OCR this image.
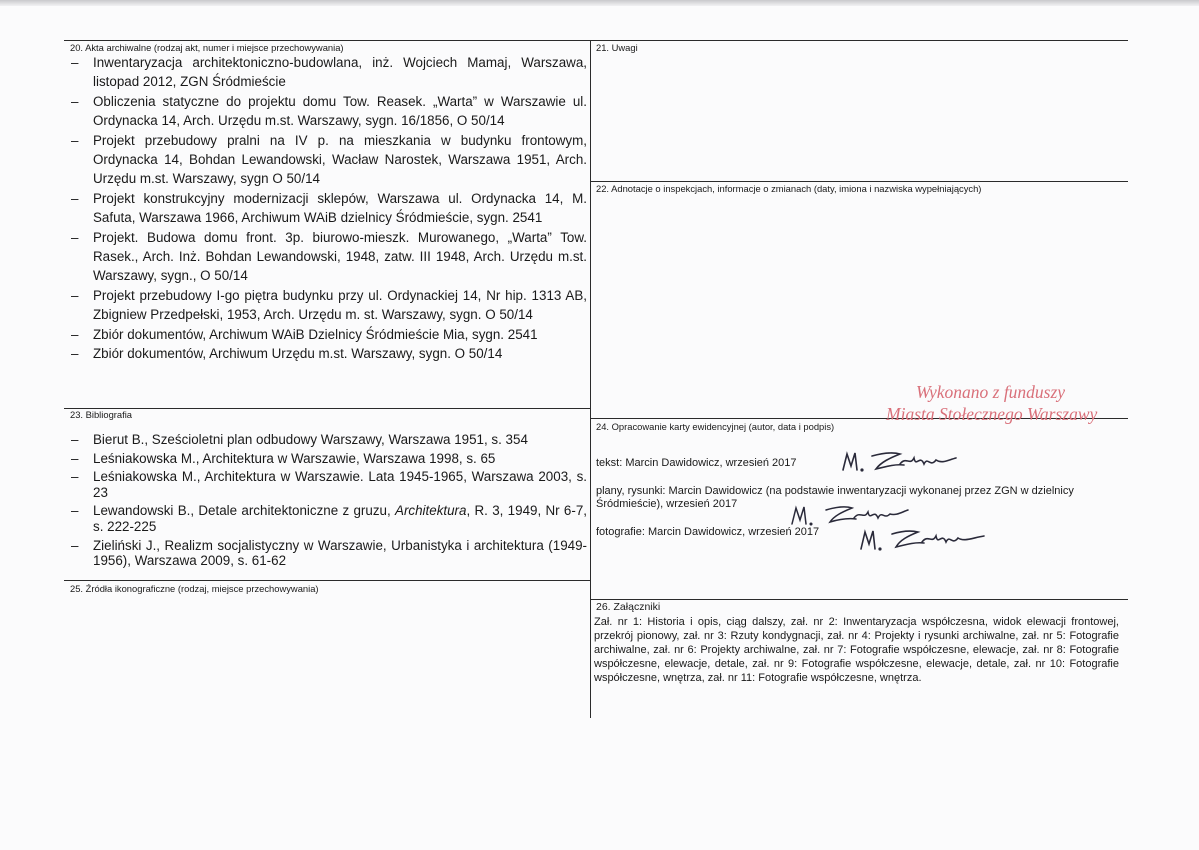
20. Akta archiwalne (rodzaj akt, numer i miejsce przechowywania)
– Inwentaryzacja architektoniczno-budowlana, inż. Wojciech Mamaj, Warszawa, listopad 2012, ZGN Śródmieście
– Obliczenia statyczne do projektu domu Tow. Reasek. „Warta” w Warszawie ul. Ordynacka 14, Arch. Urzędu m.st. Warszawy, sygn. 16/1856, O 50/14
– Projekt przebudowy pralni na IV p. na mieszkania w budynku frontowym, Ordynacka 14, Bohdan Lewandowski, Wacław Narostek, Warszawa 1951, Arch. Urzędu m.st. Warszawy, sygn O 50/14
– Projekt konstrukcyjny modernizacji sklepów, Warszawa ul. Ordynacka 14, M. Safuta, Warszawa 1966, Archiwum WAiB dzielnicy Śródmieście, sygn. 2541
– Projekt. Budowa domu front. 3p. biurowo-mieszk. Murowanego, „Warta” Tow. Rasek., Arch. Inż. Bohdan Lewandowski, 1948, zatw. III 1948, Arch. Urzędu m.st. Warszawy, sygn., O 50/14
– Projekt przebudowy I-go piętra budynku przy ul. Ordynackiej 14, Nr hip. 1313 AB, Zbigniew Przedpełski, 1953, Arch. Urzędu m. st. Warszawy, sygn. O 50/14
– Zbiór dokumentów, Archiwum WAiB Dzielnicy Śródmieście Mia, sygn. 2541
– Zbiór dokumentów, Archiwum Urzędu m.st. Warszawy, sygn. O 50/14
21. Uwagi
22. Adnotacje o inspekcjach, informacje o zmianach (daty, imiona i nazwiska wypełniających)
Wykonano z funduszy
Miasta Stołecznego Warszawy
23. Bibliografia
– Bierut B., Sześcioletni plan odbudowy Warszawy, Warszawa 1951, s. 354
– Leśniakowska M., Architektura w Warszawie, Warszawa 1998, s. 65
– Leśniakowska M., Architektura w Warszawie. Lata 1945-1965, Warszawa 2003, s. 23
– Lewandowski B., Detale architektoniczne z gruzu, Architektura, R. 3, 1949, Nr 6-7, s. 222-225
– Zieliński J., Realizm socjalistyczny w Warszawie, Urbanistyka i architektura (1949-1956), Warszawa 2009, s. 61-62
24. Opracowanie karty ewidencyjnej (autor, data i podpis)
tekst: Marcin Dawidowicz, wrzesień 2017
plany, rysunki: Marcin Dawidowicz (na podstawie inwentaryzacji wykonanej przez ZGN w dzielnicy Śródmieście), wrzesień 2017
fotografie: Marcin Dawidowicz, wrzesień 2017
25. Źródła ikonograficzne (rodzaj, miejsce przechowywania)
26. Załączniki
Zał. nr 1: Historia i opis, ciąg dalszy, zał. nr 2: Inwentaryzacja współczesna, widok elewacji frontowej, przekrój pionowy, zał. nr 3: Rzuty kondygnacji, zał. nr 4: Projekty i rysunki archiwalne, zał. nr 5: Fotografie archiwalne, zał. nr 6: Projekty archiwalne, zał. nr 7: Fotografie współczesne, elewacje, zał. nr 8: Fotografie współczesne, elewacje, detale, zał. nr 9: Fotografie współczesne, elewacje, detale, zał. nr 10: Fotografie współczesne, wnętrza, zał. nr 11: Fotografie współczesne, wnętrza.
